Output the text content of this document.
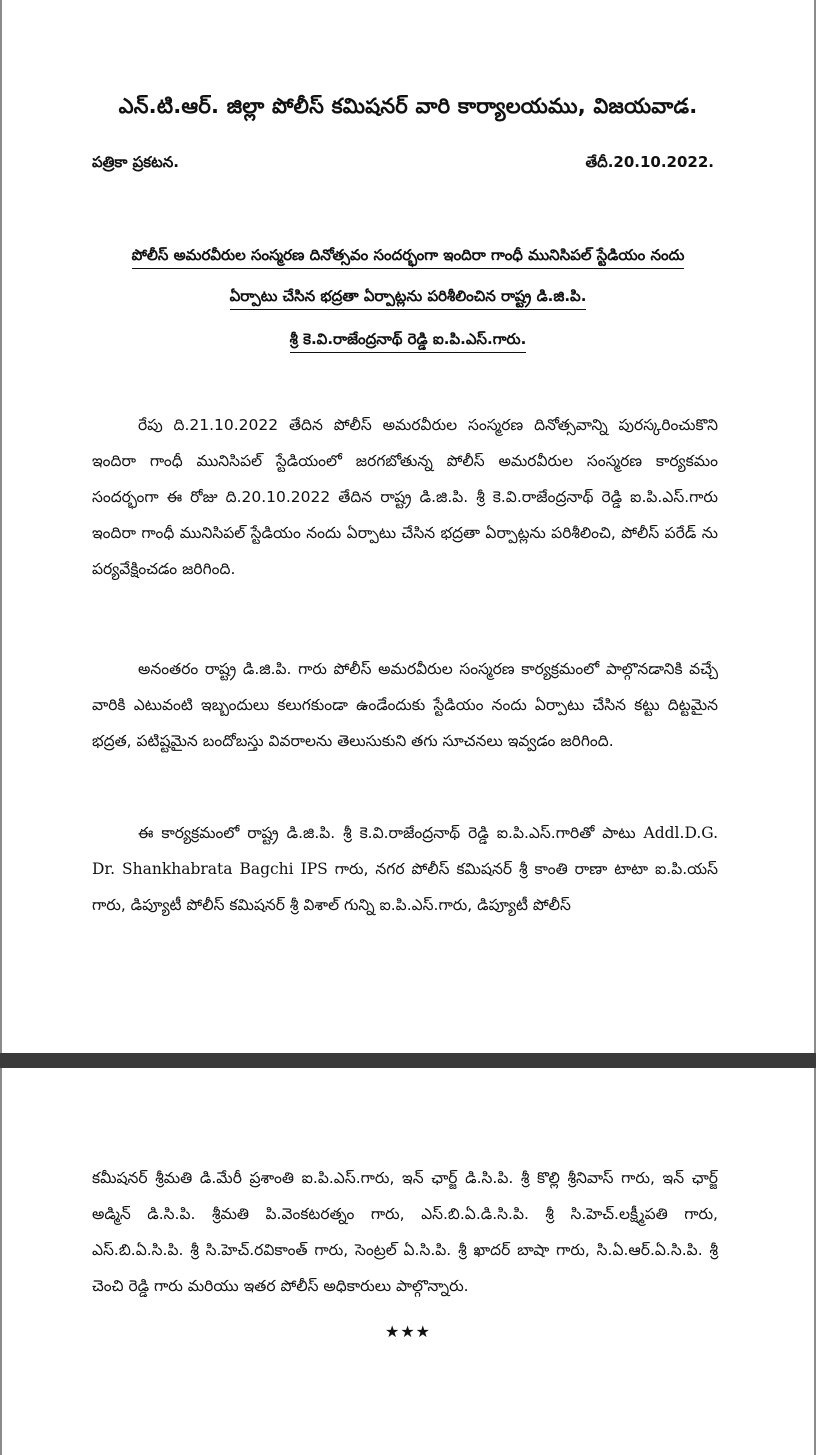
ఎన్.టి.ఆర్. జిల్లా పోలీస్ కమిషనర్ వారి కార్యాలయము, విజయవాడ.
పత్రికా ప్రకటన.	తేదీ.20.10.2022.
పోలీస్ అమరవీరుల సంస్మరణ దినోత్సవం సందర్భంగా ఇందిరా గాంధీ మునిసిపల్ స్టేడియం నందు
ఏర్పాటు చేసిన భద్రతా ఏర్పాట్లను పరిశీలించిన రాష్ట్ర డి.జి.పి.
శ్రీ కె.వి.రాజేంద్రనాథ్ రెడ్డి ఐ.పి.ఎస్.గారు.

రేపు ది.21.10.2022 తేదిన పోలీస్ అమరవీరుల సంస్మరణ దినోత్సవాన్ని పురస్కరించుకొని ఇందిరా గాంధీ మునిసిపల్ స్టేడియంలో జరగబోతున్న పోలీస్ అమరవీరుల సంస్మరణ కార్యకమం సందర్భంగా ఈ రోజు ది.20.10.2022 తేదిన రాష్ట్ర డి.జి.పి. శ్రీ కె.వి.రాజేంద్రనాథ్ రెడ్డి ఐ.పి.ఎస్.గారు ఇందిరా గాంధీ మునిసిపల్ స్టేడియం నందు ఏర్పాటు చేసిన భద్రతా ఏర్పాట్లను పరిశీలించి, పోలీస్ పరేడ్ ను పర్యవేక్షించడం జరిగింది.

అనంతరం రాష్ట్ర డి.జి.పి. గారు పోలీస్ అమరవీరుల సంస్మరణ కార్యక్రమంలో పాల్గొనడానికి వచ్చే వారికి ఎటువంటి ఇబ్బందులు కలుగకుండా ఉండేందుకు స్టేడియం నందు ఏర్పాటు చేసిన కట్టు దిట్టమైన భద్రత, పటిష్టమైన బందోబస్తు వివరాలను తెలుసుకుని తగు సూచనలు ఇవ్వడం జరిగింది.

ఈ కార్యక్రమంలో రాష్ట్ర డి.జి.పి. శ్రీ కె.వి.రాజేంద్రనాథ్ రెడ్డి ఐ.పి.ఎస్.గారితో పాటు Addl.D.G. Dr. Shankhabrata Bagchi IPS గారు, నగర పోలీస్ కమిషనర్ శ్రీ కాంతి రాణా టాటా ఐ.పి.యస్ గారు, డిప్యూటీ పోలీస్ కమిషనర్ శ్రీ విశాల్ గున్ని ఐ.పి.ఎస్.గారు, డిప్యూటీ పోలీస్

కమీషనర్ శ్రీమతి డి.మేరీ ప్రశాంతి ఐ.పి.ఎస్.గారు, ఇన్ ఛార్జ్ డి.సి.పి. శ్రీ కొల్లి శ్రీనివాస్ గారు, ఇన్ ఛార్జ్ అడ్మిన్ డి.సి.పి. శ్రీమతి పి.వెంకటరత్నం గారు, ఎస్.బి.ఏ.డి.సి.పి. శ్రీ సి.హెచ్.లక్ష్మీపతి గారు, ఎస్.బి.ఏ.సి.పి. శ్రీ సి.హెచ్.రవికాంత్ గారు, సెంట్రల్ ఏ.సి.పి. శ్రీ ఖాదర్ బాషా గారు, సి.ఏ.ఆర్.ఏ.సి.పి. శ్రీ చెంచి రెడ్డి గారు మరియు ఇతర పోలీస్ అధికారులు పాల్గొన్నారు.

★★★
